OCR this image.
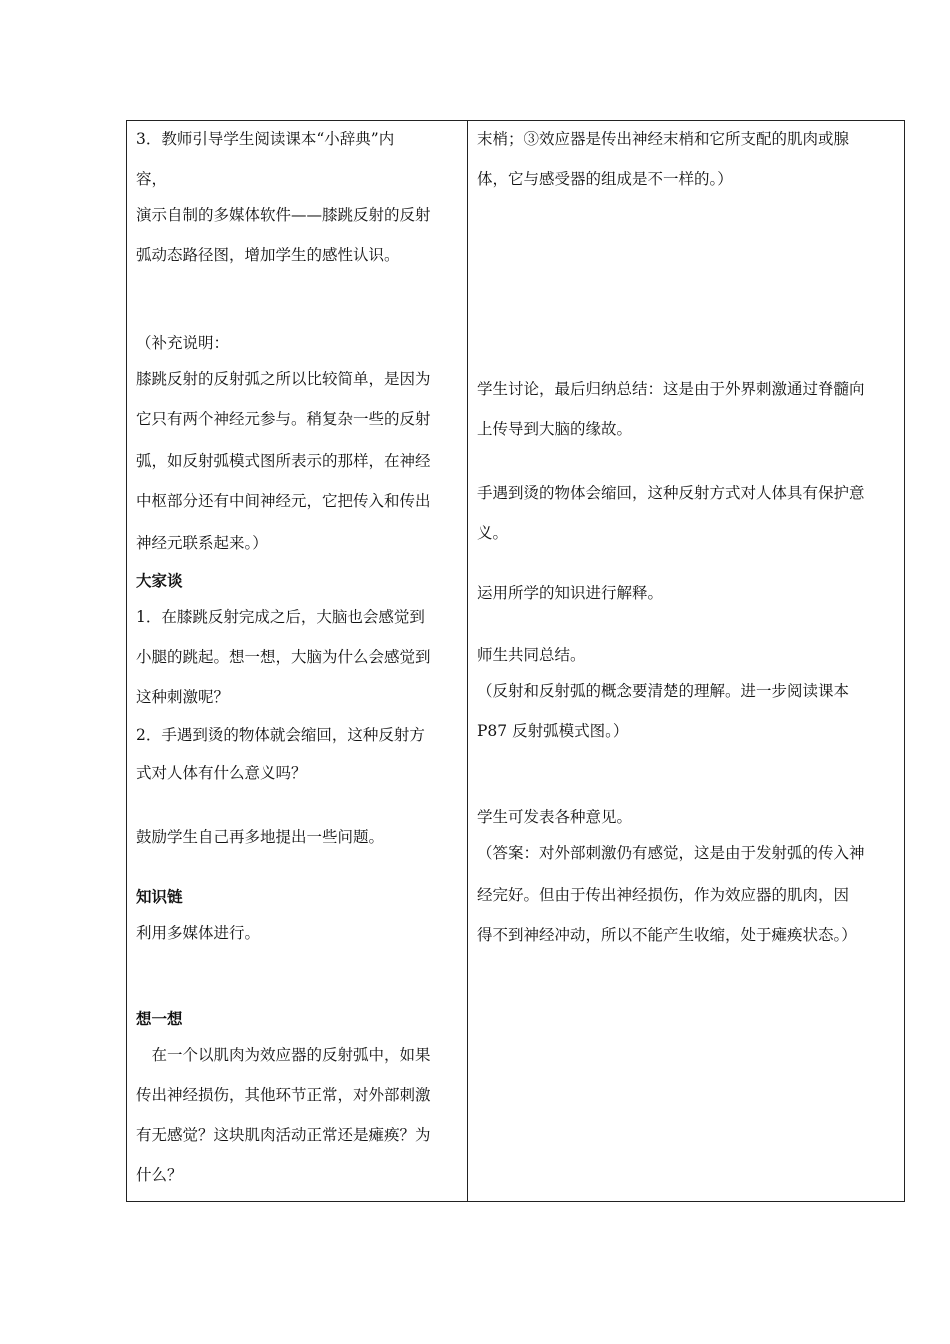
3．教师引导学生阅读课本“小辞典”内
容，
演示自制的多媒体软件——膝跳反射的反射
弧动态路径图，增加学生的感性认识。
（补充说明：
膝跳反射的反射弧之所以比较简单，是因为
它只有两个神经元参与。稍复杂一些的反射
弧，如反射弧模式图所表示的那样，在神经
中枢部分还有中间神经元，它把传入和传出
神经元联系起来。）
大家谈
1．在膝跳反射完成之后，大脑也会感觉到
小腿的跳起。想一想，大脑为什么会感觉到
这种刺激呢？
2．手遇到烫的物体就会缩回，这种反射方
式对人体有什么意义吗？
鼓励学生自己再多地提出一些问题。
知识链
利用多媒体进行。
想一想
　在一个以肌肉为效应器的反射弧中，如果
传出神经损伤，其他环节正常，对外部刺激
有无感觉？这块肌肉活动正常还是瘫痪？为
什么？
末梢；③效应器是传出神经末梢和它所支配的肌肉或腺
体，它与感受器的组成是不一样的。）
学生讨论，最后归纳总结：这是由于外界刺激通过脊髓向
上传导到大脑的缘故。
手遇到烫的物体会缩回，这种反射方式对人体具有保护意
义。
运用所学的知识进行解释。
师生共同总结。
（反射和反射弧的概念要清楚的理解。进一步阅读课本
P87 反射弧模式图。）
学生可发表各种意见。
（答案：对外部刺激仍有感觉，这是由于发射弧的传入神
经完好。但由于传出神经损伤，作为效应器的肌肉，因
得不到神经冲动，所以不能产生收缩，处于瘫痪状态。）
